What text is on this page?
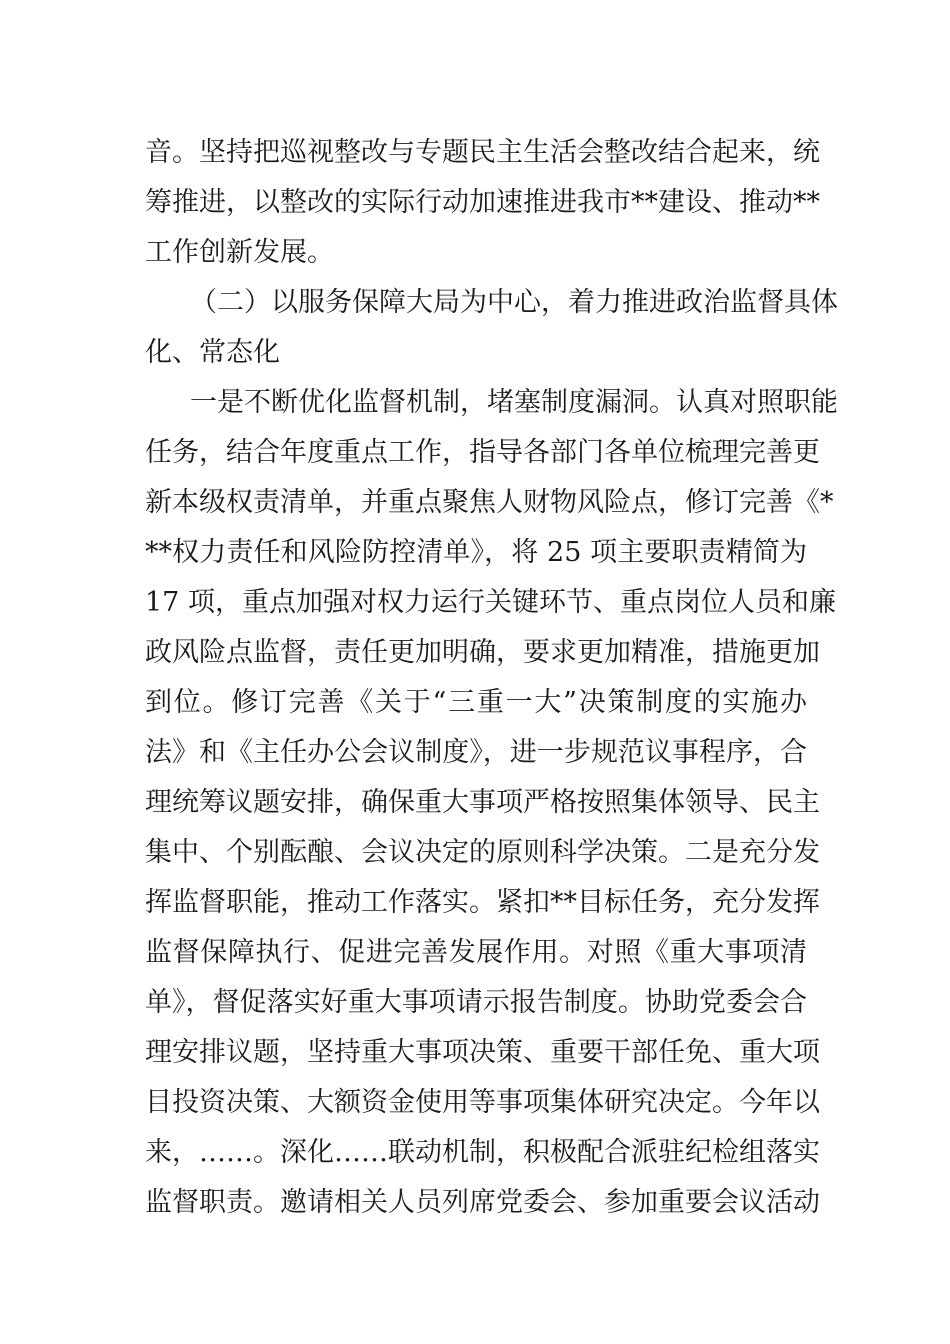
音。坚持把巡视整改与专题民主生活会整改结合起来，统
筹推进，以整改的实际行动加速推进我市**建设、推动**
工作创新发展。
（二）以服务保障大局为中心，着力推进政治监督具体
化、常态化
一是不断优化监督机制，堵塞制度漏洞。认真对照职能
任务，结合年度重点工作，指导各部门各单位梳理完善更
新本级权责清单，并重点聚焦人财物风险点，修订完善《*
**权力责任和风险防控清单》，将 25 项主要职责精简为
17 项，重点加强对权力运行关键环节、重点岗位人员和廉
政风险点监督，责任更加明确，要求更加精准，措施更加
到位。修订完善《关于“三重一大”决策制度的实施办
法》和《主任办公会议制度》，进一步规范议事程序，合
理统筹议题安排，确保重大事项严格按照集体领导、民主
集中、个别酝酿、会议决定的原则科学决策。二是充分发
挥监督职能，推动工作落实。紧扣**目标任务，充分发挥
监督保障执行、促进完善发展作用。对照《重大事项清
单》，督促落实好重大事项请示报告制度。协助党委会合
理安排议题，坚持重大事项决策、重要干部任免、重大项
目投资决策、大额资金使用等事项集体研究决定。今年以
来，……。深化……联动机制，积极配合派驻纪检组落实
监督职责。邀请相关人员列席党委会、参加重要会议活动
